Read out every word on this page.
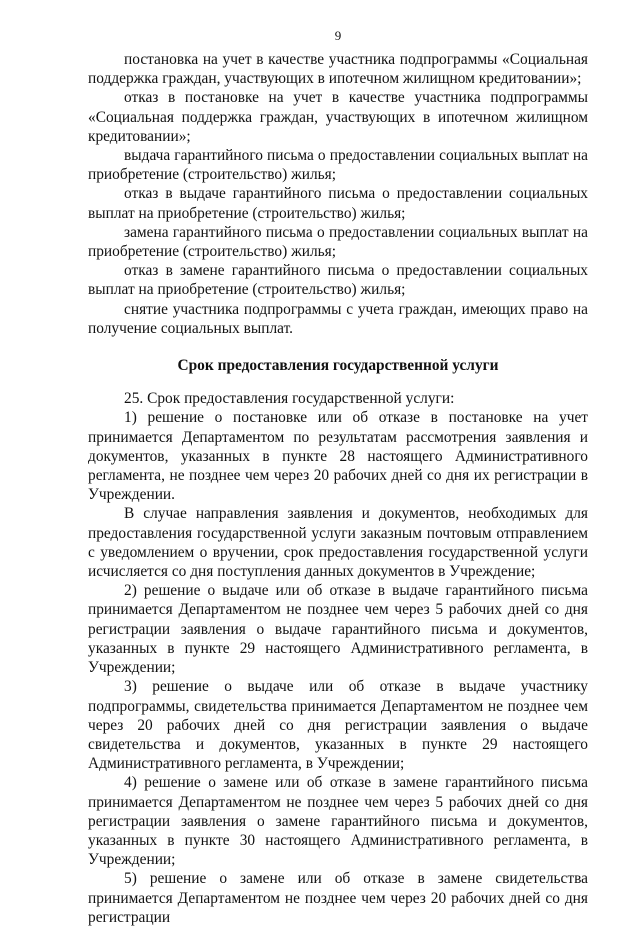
9

постановка на учет в качестве участника подпрограммы «Социальная поддержка граждан, участвующих в ипотечном жилищном кредитовании»;

отказ в постановке на учет в качестве участника подпрограммы «Социальная поддержка граждан, участвующих в ипотечном жилищном кредитовании»;

выдача гарантийного письма о предоставлении социальных выплат на приобретение (строительство) жилья;

отказ в выдаче гарантийного письма о предоставлении социальных выплат на приобретение (строительство) жилья;

замена гарантийного письма о предоставлении социальных выплат на приобретение (строительство) жилья;

отказ в замене гарантийного письма о предоставлении социальных выплат на приобретение (строительство) жилья;

снятие участника подпрограммы с учета граждан, имеющих право на получение социальных выплат.

Срок предоставления государственной услуги

25. Срок предоставления государственной услуги:

1) решение о постановке или об отказе в постановке на учет принимается Департаментом по результатам рассмотрения заявления и документов, указанных в пункте 28 настоящего Административного регламента, не позднее чем через 20 рабочих дней со дня их регистрации в Учреждении.

В случае направления заявления и документов, необходимых для предоставления государственной услуги заказным почтовым отправлением с уведомлением о вручении, срок предоставления государственной услуги исчисляется со дня поступления данных документов в Учреждение;

2) решение о выдаче или об отказе в выдаче гарантийного письма принимается Департаментом не позднее чем через 5 рабочих дней со дня регистрации заявления о выдаче гарантийного письма и документов, указанных в пункте 29 настоящего Административного регламента, в Учреждении;

3) решение о выдаче или об отказе в выдаче участнику подпрограммы, свидетельства принимается Департаментом не позднее чем через 20 рабочих дней со дня регистрации заявления о выдаче свидетельства и документов, указанных в пункте 29 настоящего Административного регламента, в Учреждении;

4) решение о замене или об отказе в замене гарантийного письма принимается Департаментом не позднее чем через 5 рабочих дней со дня регистрации заявления о замене гарантийного письма и документов, указанных в пункте 30 настоящего Административного регламента, в Учреждении;

5) решение о замене или об отказе в замене свидетельства принимается Департаментом не позднее чем через 20 рабочих дней со дня регистрации
